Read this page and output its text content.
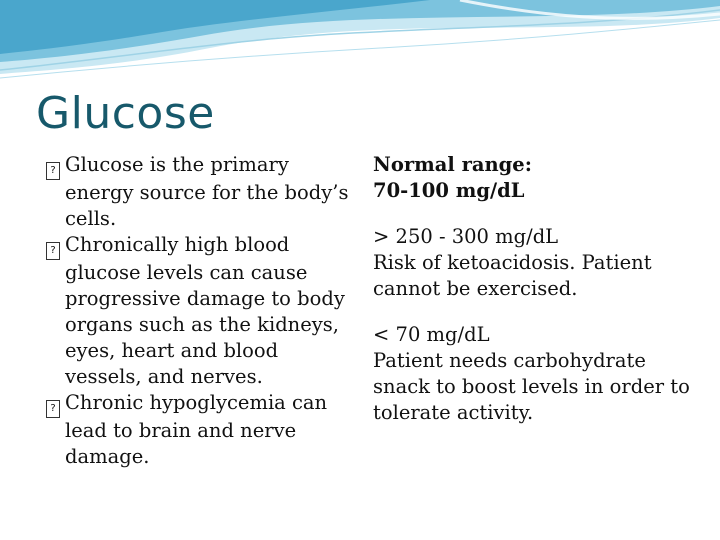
Glucose
? Glucose is the primary energy source for the body’s cells.
? Chronically high blood glucose levels can cause progressive damage to body organs such as the kidneys, eyes, heart and blood vessels, and nerves.
? Chronic hypoglycemia can lead to brain and nerve damage.

Normal range:

70-100 mg/dL

> 250 - 300 mg/dL

Risk of ketoacidosis. Patient cannot be exercised.

< 70 mg/dL

Patient needs carbohydrate snack to boost levels in order to tolerate activity.
